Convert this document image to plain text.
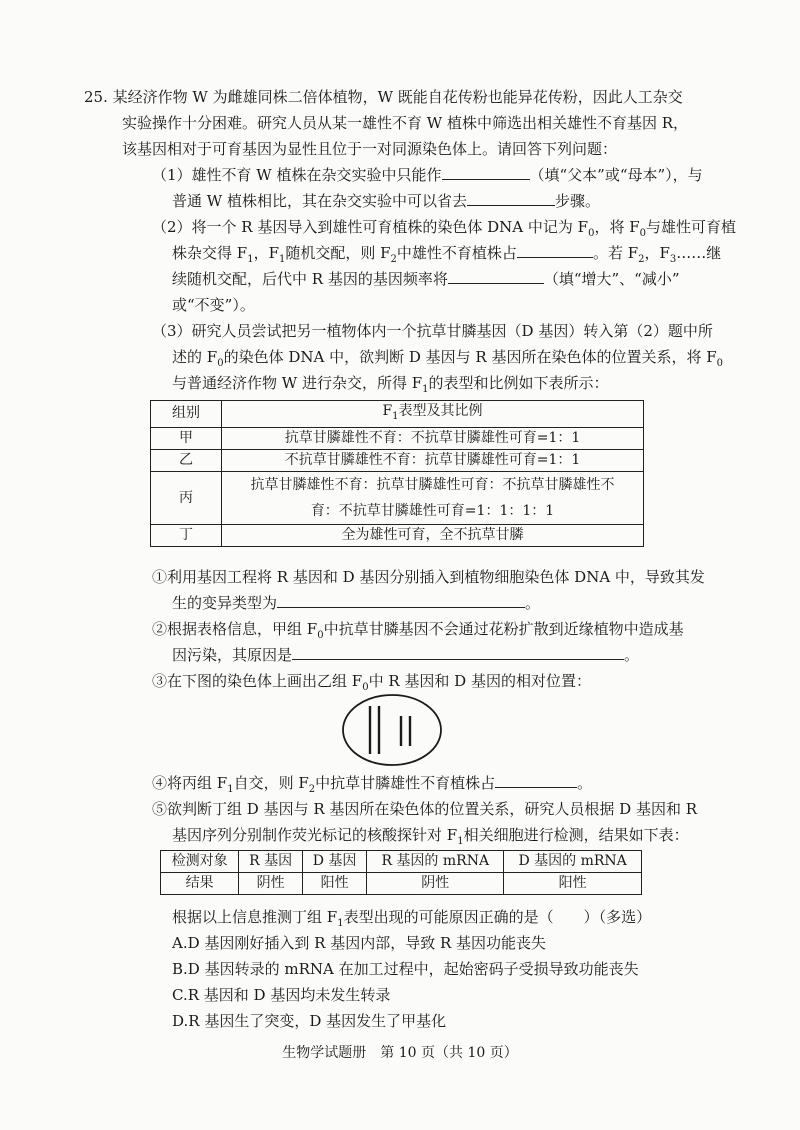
25. 某经济作物 W 为雌雄同株二倍体植物，W 既能自花传粉也能异花传粉，因此人工杂交
实验操作十分困难。研究人员从某一雄性不育 W 植株中筛选出相关雄性不育基因 R，
该基因相对于可育基因为显性且位于一对同源染色体上。请回答下列问题：
（1）雄性不育 W 植株在杂交实验中只能作	（填“父本”或“母本”），与
普通 W 植株相比，其在杂交实验中可以省去	步骤。
（2）将一个 R 基因导入到雄性可育植株的染色体 DNA 中记为 $F_0$，将 $F_0$与雄性可育植
株杂交得 $F_1$，$F_1$随机交配，则 $F_2$中雄性不育植株占	。若 $F_2$，$F_3\dots\dots$继
续随机交配，后代中 R 基因的基因频率将	（填“增大”、“减小”
或“不变”）。
（3）研究人员尝试把另一植物体内一个抗草甘膦基因（D 基因）转入第（2）题中所
述的 $F_0$的染色体 DNA 中，欲判断 D 基因与 R 基因所在染色体的位置关系，将 $F_0$
与普通经济作物 W 进行杂交，所得 $F_1$的表型和比例如下表所示：
组别	$F_1$表型及其比例
甲	抗草甘膦雄性不育：不抗草甘膦雄性可育=1：1
乙	不抗草甘膦雄性不育：抗草甘膦雄性可育=1：1
丙	抗草甘膦雄性不育：抗草甘膦雄性可育：不抗草甘膦雄性不
育：不抗草甘膦雄性可育=1：1：1：1

丁	全为雄性可育，全不抗草甘膦
①利用基因工程将 R 基因和 D 基因分别插入到植物细胞染色体 DNA 中，导致其发
生的变异类型为	。
②根据表格信息，甲组 $F_0$中抗草甘膦基因不会通过花粉扩散到近缘植物中造成基
因污染，其原因是	。
③在下图的染色体上画出乙组 $F_0$中 R 基因和 D 基因的相对位置：
④将丙组 $F_1$自交，则 $F_2$中抗草甘膦雄性不育植株占	。
⑤欲判断丁组 D 基因与 R 基因所在染色体的位置关系，研究人员根据 D 基因和 R
基因序列分别制作荧光标记的核酸探针对 $F_1$相关细胞进行检测，结果如下表：
检测对象	R 基因	D 基因	R 基因的 mRNA	D 基因的 mRNA
结果	阴性	阳性	阴性	阳性
根据以上信息推测丁组 $F_1$表型出现的可能原因正确的是（　　）（多选）
A.D 基因刚好插入到 R 基因内部，导致 R 基因功能丧失
B.D 基因转录的 mRNA 在加工过程中，起始密码子受损导致功能丧失
C.R 基因和 D 基因均未发生转录
D.R 基因生了突变，D 基因发生了甲基化
生物学试题册　第 10 页（共 10 页）
